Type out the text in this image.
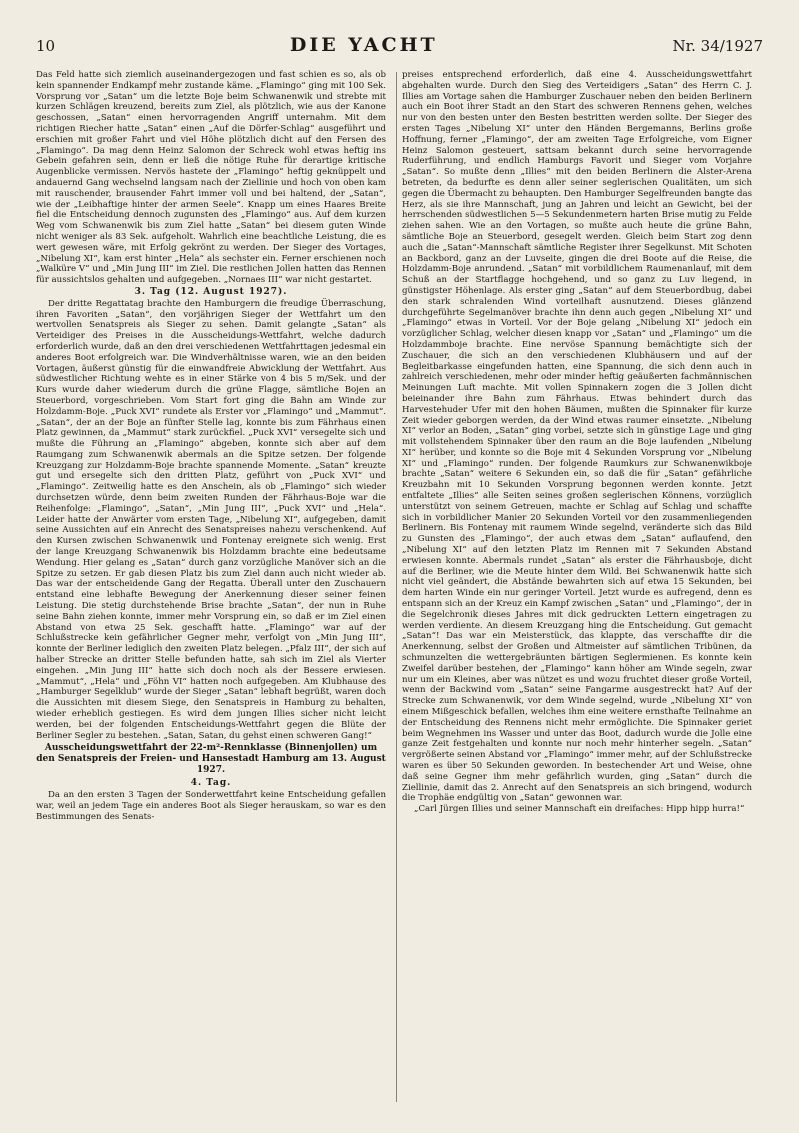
10	DIE YACHT	Nr. 34/1927

Das Feld hatte sich ziemlich auseinandergezogen und fast schien es so, als ob kein spannender Endkampf mehr zustande käme. „Flamingo“ ging mit 100 Sek. Vorsprung vor „Satan“ um die letzte Boje beim Schwanenwik und strebte mit kurzen Schlägen kreuzend, bereits zum Ziel, als plötzlich, wie aus der Kanone geschossen, „Satan“ einen hervorragenden Angriff unternahm. Mit dem richtigen Riecher hatte „Satan“ einen „Auf die Dörfer-Schlag“ ausgeführt und erschien mit großer Fahrt und viel Höhe plötzlich dicht auf den Fersen des „Flamingo“. Da mag denn Heinz Salomon der Schreck wohl etwas heftig ins Gebein gefahren sein, denn er ließ die nötige Ruhe für derartige kritische Augenblicke vermissen. Nervös hastete der „Flamingo“ heftig geknüppelt und andauernd Gang wechselnd langsam nach der Ziellinie und hoch von oben kam mit rauschender, brausender Fahrt immer voll und bei haltend, der „Satan“, wie der „Leibhaftige hinter der armen Seele“. Knapp um eines Haares Breite fiel die Entscheidung dennoch zugunsten des „Flamingo“ aus. Auf dem kurzen Weg vom Schwanenwik bis zum Ziel hatte „Satan“ bei diesem guten Winde nicht weniger als 83 Sek. aufgeholt. Wahrlich eine beachtliche Leistung, die es wert gewesen wäre, mit Erfolg gekrönt zu werden. Der Sieger des Vortages, „Nibelung XI“, kam erst hinter „Hela“ als sechster ein. Ferner erschienen noch „Walküre V“ und „Min Jung III“ im Ziel. Die restlichen Jollen hatten das Rennen für aussichtslos gehalten und aufgegeben. „Nornaes III“ war nicht gestartet.

3. Tag (12. August 1927).

Der dritte Regattatag brachte den Hamburgern die freudige Überraschung, ihren Favoriten „Satan“, den vorjährigen Sieger der Wettfahrt um den wertvollen Senatspreis als Sieger zu sehen. Damit gelangte „Satan“ als Verteidiger des Preises in die Ausscheidungs-Wettfahrt, welche dadurch erforderlich wurde, daß an den drei verschiedenen Wettfahrttagen jedesmal ein anderes Boot erfolgreich war. Die Windverhältnisse waren, wie an den beiden Vortagen, äußerst günstig für die einwandfreie Abwicklung der Wettfahrt. Aus südwestlicher Richtung wehte es in einer Stärke von 4 bis 5 m/Sek. und der Kurs wurde daher wiederum durch die grüne Flagge, sämtliche Bojen an Steuerbord, vorgeschrieben. Vom Start fort ging die Bahn am Winde zur Holzdamm-Boje. „Puck XVI“ rundete als Erster vor „Flamingo“ und „Mammut“. „Satan“, der an der Boje an fünfter Stelle lag, konnte bis zum Fährhaus einen Platz gewinnen, da „Mammut“ stark zurückfiel. „Puck XVI“ versegelte sich und mußte die Führung an „Flamingo“ abgeben, konnte sich aber auf dem Raumgang zum Schwanenwik abermals an die Spitze setzen. Der folgende Kreuzgang zur Holzdamm-Boje brachte spannende Momente. „Satan“ kreuzte gut und ersegelte sich den dritten Platz, geführt von „Puck XVI“ und „Flamingo“. Zeitweilig hatte es den Anschein, als ob „Flamingo“ sich wieder durchsetzen würde, denn beim zweiten Runden der Fährhaus-Boje war die Reihenfolge: „Flamingo“, „Satan“, „Min Jung III“, „Puck XVI“ und „Hela“. Leider hatte der Anwärter vom ersten Tage, „Nibelung XI“, aufgegeben, damit seine Aussichten auf ein Anrecht des Senatspreises nahezu verschenkend. Auf den Kursen zwischen Schwanenwik und Fontenay ereignete sich wenig. Erst der lange Kreuzgang Schwanenwik bis Holzdamm brachte eine bedeutsame Wendung. Hier gelang es „Satan“ durch ganz vorzügliche Manöver sich an die Spitze zu setzen. Er gab diesen Platz bis zum Ziel dann auch nicht wieder ab. Das war der entscheidende Gang der Regatta. Überall unter den Zuschauern entstand eine lebhafte Bewegung der Anerkennung dieser seiner feinen Leistung. Die stetig durchstehende Brise brachte „Satan“, der nun in Ruhe seine Bahn ziehen konnte, immer mehr Vorsprung ein, so daß er im Ziel einen Abstand von etwa 25 Sek. geschafft hatte. „Flamingo“ war auf der Schlußstrecke kein gefährlicher Gegner mehr, verfolgt von „Min Jung III“, konnte der Berliner lediglich den zweiten Platz belegen. „Pfalz III“, der sich auf halber Strecke an dritter Stelle befunden hatte, sah sich im Ziel als Vierter eingehen. „Min Jung III“ hatte sich doch noch als der Bessere erwiesen. „Mammut“, „Hela“ und „Föhn VI“ hatten noch aufgegeben. Am Klubhause des „Hamburger Segelklub“ wurde der Sieger „Satan“ lebhaft begrüßt, waren doch die Aussichten mit diesem Siege, den Senatspreis in Hamburg zu behalten, wieder erheblich gestiegen. Es wird dem jungen Illies sicher nicht leicht werden, bei der folgenden Entscheidungs-Wettfahrt gegen die Blüte der Berliner Segler zu bestehen. „Satan, Satan, du gehst einen schweren Gang!“

Ausscheidungswettfahrt der 22-m²-Rennklasse (Binnenjollen) um den Senatspreis der Freien- und Hansestadt Hamburg am 13. August 1927.
4. Tag.

Da an den ersten 3 Tagen der Sonderwettfahrt keine Entscheidung gefallen war, weil an jedem Tage ein anderes Boot als Sieger herauskam, so war es den Bestimmungen des Senats-

preises entsprechend erforderlich, daß eine 4. Ausscheidungswettfahrt abgehalten wurde. Durch den Sieg des Verteidigers „Satan“ des Herrn C. J. Illies am Vortage sahen die Hamburger Zuschauer neben den beiden Berlinern auch ein Boot ihrer Stadt an den Start des schweren Rennens gehen, welches nur von den besten unter den Besten bestritten werden sollte. Der Sieger des ersten Tages „Nibelung XI“ unter den Händen Bergemanns, Berlins große Hoffnung, ferner „Flamingo“, der am zweiten Tage Erfolgreiche, vom Eigner Heinz Salomon gesteuert, sattsam bekannt durch seine hervorragende Ruderführung, und endlich Hamburgs Favorit und Sieger vom Vorjahre „Satan“. So mußte denn „Illies“ mit den beiden Berlinern die Alster-Arena betreten, da bedurfte es denn aller seiner seglerischen Qualitäten, um sich gegen die Übermacht zu behaupten. Den Hamburger Segelfreunden bangte das Herz, als sie ihre Mannschaft, jung an Jahren und leicht an Gewicht, bei der herrschenden südwestlichen 5—5 Sekundenmetern harten Brise mutig zu Felde ziehen sahen. Wie an den Vortagen, so mußte auch heute die grüne Bahn, sämtliche Boje an Steuerbord, gesegelt werden. Gleich beim Start zog denn auch die „Satan“-Mannschaft sämtliche Register ihrer Segelkunst. Mit Schoten an Backbord, ganz an der Luvseite, gingen die drei Boote auf die Reise, die Holzdamm-Boje anrundend. „Satan“ mit vorbildlichem Raumenanlauf, mit dem Schuß an der Startflagge hochgehend, und so ganz zu Luv liegend, in günstigster Höhenlage. Als erster ging „Satan“ auf dem Steuerbordbug, dabei den stark schralenden Wind vorteilhaft ausnutzend. Dieses glänzend durchgeführte Segelmanöver brachte ihn denn auch gegen „Nibelung XI“ und „Flamingo“ etwas in Vorteil. Vor der Boje gelang „Nibelung XI“ jedoch ein vorzüglicher Schlag, welcher diesen knapp vor „Satan“ und „Flamingo“ um die Holzdammboje brachte. Eine nervöse Spannung bemächtigte sich der Zuschauer, die sich an den verschiedenen Klubhäusern und auf der Begleitbarkasse eingefunden hatten, eine Spannung, die sich denn auch in zahlreich verschiedenen, mehr oder minder heftig geäußerten fachmännischen Meinungen Luft machte. Mit vollen Spinnakern zogen die 3 Jollen dicht beieinander ihre Bahn zum Fährhaus. Etwas behindert durch das Harvestehuder Ufer mit den hohen Bäumen, mußten die Spinnaker für kurze Zeit wieder geborgen werden, da der Wind etwas raumer einsetzte. „Nibelung XI“ verlor an Boden, „Satan“ ging vorbei, setzte sich in günstige Lage und ging mit vollstehendem Spinnaker über den raum an die Boje laufenden „Nibelung XI“ herüber, und konnte so die Boje mit 4 Sekunden Vorsprung vor „Nibelung XI“ und „Flamingo“ runden. Der folgende Raumkurs zur Schwanenwikboje brachte „Satan“ weitere 6 Sekunden ein, so daß die für „Satan“ gefährliche Kreuzbahn mit 10 Sekunden Vorsprung begonnen werden konnte. Jetzt entfaltete „Illies“ alle Seiten seines großen seglerischen Könnens, vorzüglich unterstützt von seinem Getreuen, machte er Schlag auf Schlag und schaffte sich in vorbildlicher Manier 20 Sekunden Vorteil vor den zusammenliegenden Berlinern. Bis Fontenay mit raumem Winde segelnd, veränderte sich das Bild zu Gunsten des „Flamingo“, der auch etwas dem „Satan“ auflaufend, den „Nibelung XI“ auf den letzten Platz im Rennen mit 7 Sekunden Abstand erwiesen konnte. Abermals rundet „Satan“ als erster die Fährhausboje, dicht auf die Berliner, wie die Meute hinter dem Wild. Bei Schwanenwik hatte sich nicht viel geändert, die Abstände bewahrten sich auf etwa 15 Sekunden, bei dem harten Winde ein nur geringer Vorteil. Jetzt wurde es aufregend, denn es entspann sich an der Kreuz ein Kampf zwischen „Satan“ und „Flamingo“, der in die Segelchronik dieses Jahres mit dick gedruckten Lettern eingetragen zu werden verdiente. An diesem Kreuzgang hing die Entscheidung. Gut gemacht „Satan“! Das war ein Meisterstück, das klappte, das verschaffte dir die Anerkennung, selbst der Großen und Altmeister auf sämtlichen Tribünen, da schmunzelten die wettergebräunten bärtigen Seglermienen. Es konnte kein Zweifel darüber bestehen, der „Flamingo“ kann höher am Winde segeln, zwar nur um ein Kleines, aber was nützet es und wozu fruchtet dieser große Vorteil, wenn der Backwind vom „Satan“ seine Fangarme ausgestreckt hat? Auf der Strecke zum Schwanenwik, vor dem Winde segelnd, wurde „Nibelung XI“ von einem Mißgeschick befallen, welches ihm eine weitere ernsthafte Teilnahme an der Entscheidung des Rennens nicht mehr ermöglichte. Die Spinnaker geriet beim Wegnehmen ins Wasser und unter das Boot, dadurch wurde die Jolle eine ganze Zeit festgehalten und konnte nur noch mehr hinterher segeln. „Satan“ vergrößerte seinen Abstand vor „Flamingo“ immer mehr, auf der Schlußstrecke waren es über 50 Sekunden geworden. In bestechender Art und Weise, ohne daß seine Gegner ihm mehr gefährlich wurden, ging „Satan“ durch die Ziellinie, damit das 2. Anrecht auf den Senatspreis an sich bringend, wodurch die Trophäe endgültig von „Satan“ gewonnen war.

„Carl Jürgen Illies und seiner Mannschaft ein dreifaches: Hipp hipp hurra!“
